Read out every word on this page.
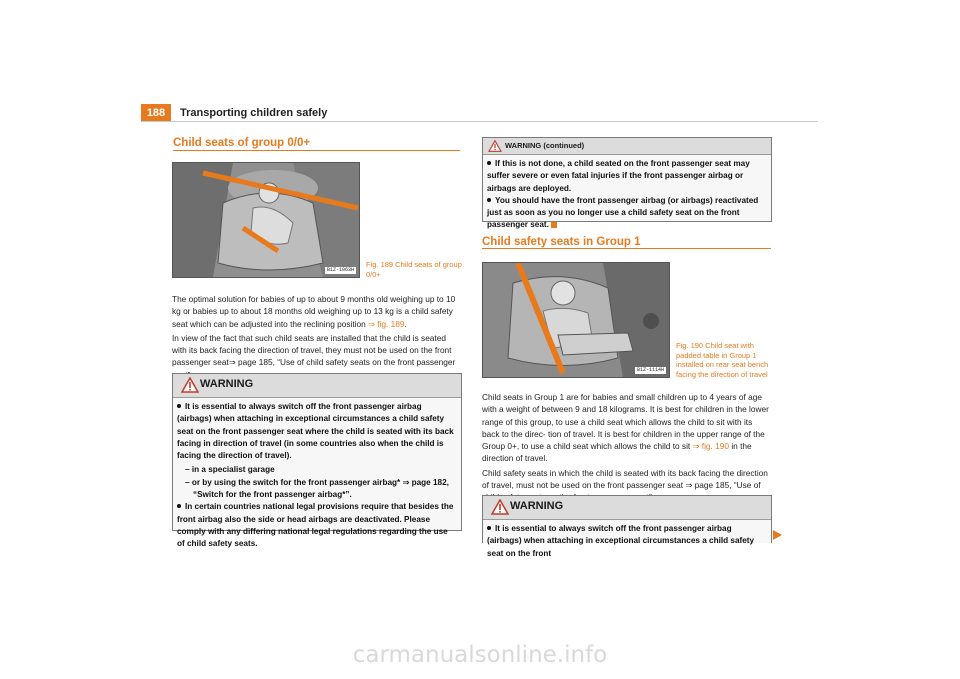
188	Transporting children safely
Child seats of group 0/0+
B1Z-1063H
Fig. 189 Child seats of group 0/0+

The optimal solution for babies of up to about 9 months old weighing up to 10 kg or babies up to about 18 months old weighing up to 13 kg is a child safety seat which can be adjusted into the reclining position ⇒ fig. 189.

In view of the fact that such child seats are installed that the child is seated with its back facing the direction of travel, they must not be used on the front passenger seat⇒ page 185, “Use of child safety seats on the front passenger

WARNING
It is essential to always switch off the front passenger airbag (airbags) when attaching in exceptional circumstances a child safety seat on the front passenger seat where the child is seated with its back facing in direction of travel (in some countries also when the child is facing the direction of travel).
– in a specialist garage
– or by using the switch for the front passenger airbag* ⇒ page 182, “Switch for the front passenger airbag*”.
In certain countries national legal provisions require that besides the front airbag also the side or head airbags are deactivated. Please comply with any differing national legal regulations regarding the use of child safety seats.
WARNING (continued)
If this is not done, a child seated on the front passenger seat may suffer severe or even fatal injuries if the front passenger airbag or airbags are deployed.
You should have the front passenger airbag (or airbags) reactivated just as soon as you no longer use a child safety seat on the front passenger seat.
Child safety seats in Group 1
B1Z-1114H
Fig. 190 Child seat with padded table in Group 1 installed on rear seat bench facing the direction of travel

Child seats in Group 1 are for babies and small children up to 4 years of age with a weight of between 9 and 18 kilograms. It is best for children in the lower range of this group, to use a child seat which allows the child to sit with its back to the direc- tion of travel. It is best for children in the upper range of the Group 0+, to use a child seat which allows the child to sit ⇒ fig. 190 in the direction of travel.

Child safety seats in which the child is seated with its back facing the direction of travel, must not be used on the front passenger seat ⇒ page 185, “Use of

WARNING
It is essential to always switch off the front passenger airbag (airbags) when attaching in exceptional circumstances a child safety seat on the front
carmanualsonline.info
